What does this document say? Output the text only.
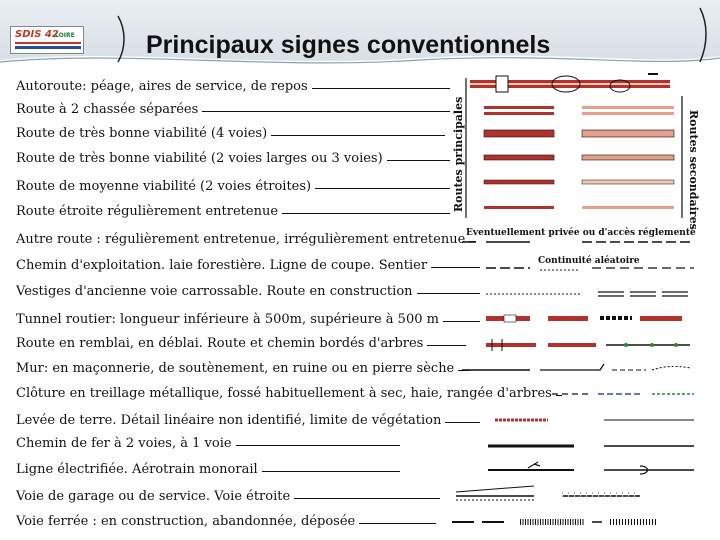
SDIS 42
LOIRE	Principaux signes conventionnels
Routes principales	Routes secondaires
Eventuellement privée ou d'accès réglementé
Continuité aléatoire
Autoroute: péage, aires de service, de repos
Route à 2 chassée séparées
Route de très bonne viabilité (4 voies)
Route de très bonne viabilité (2 voies larges ou 3 voies)
Route de moyenne viabilité (2 voies étroites)
Route étroite régulièrement entretenue
Autre route : régulièrement entretenue, irrégulièrement entretenue
Chemin d'exploitation. laie forestière. Ligne de coupe. Sentier
Vestiges d'ancienne voie carrossable. Route en construction
Tunnel routier: longueur inférieure à 500m, supérieure à 500 m
Route en remblai, en déblai. Route et chemin bordés d'arbres
Mur: en maçonnerie, de soutènement, en ruine ou en pierre sèche
Clôture en treillage métallique, fossé habituellement à sec, haie, rangée d'arbres
Levée de terre. Détail linéaire non identifié, limite de végétation
Chemin de fer à 2 voies, à 1 voie
Ligne électrifiée. Aérotrain monorail
Voie de garage ou de service. Voie étroite
Voie ferrée : en construction, abandonnée, déposée
